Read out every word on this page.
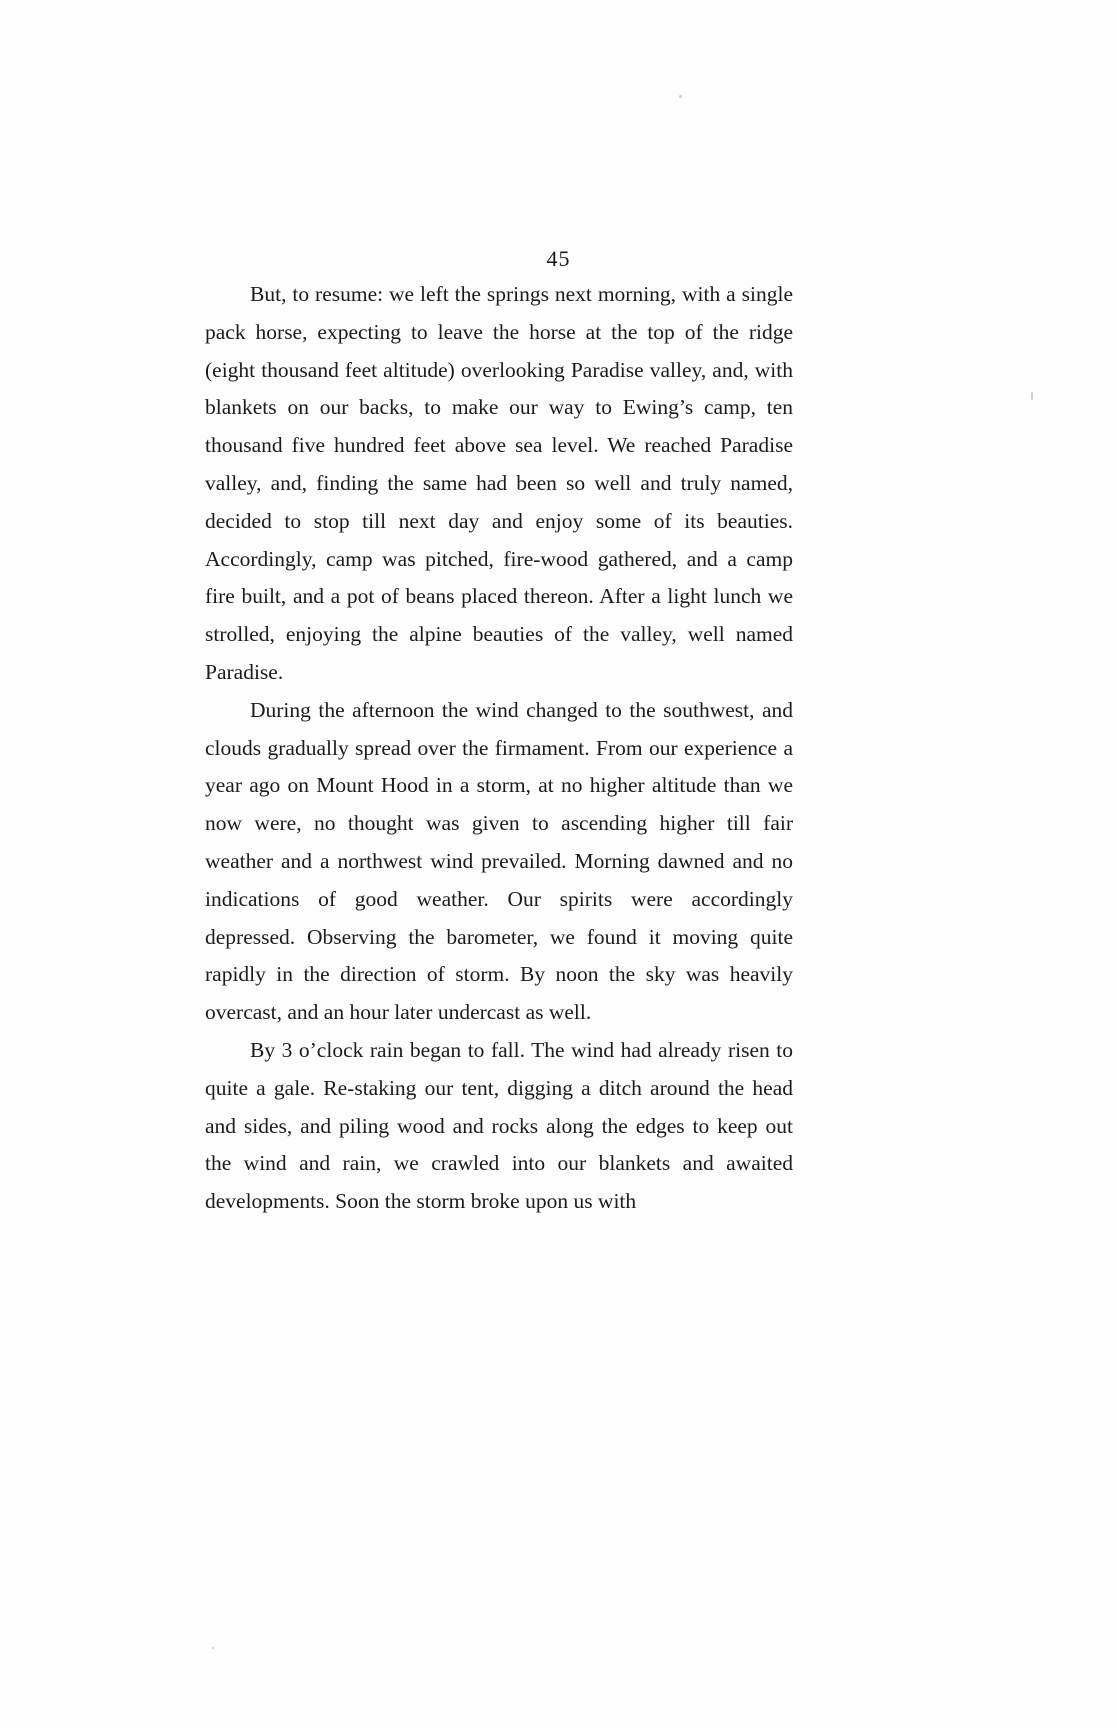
45

But, to resume: we left the springs next morning, with a single pack horse, expecting to leave the horse at the top of the ridge (eight thousand feet altitude) overlooking Paradise valley, and, with blankets on our backs, to make our way to Ewing’s camp, ten thousand five hundred feet above sea level. We reached Paradise valley, and, finding the same had been so well and truly named, decided to stop till next day and enjoy some of its beauties. Accordingly, camp was pitched, fire-wood gathered, and a camp fire built, and a pot of beans placed thereon. After a light lunch we strolled, enjoying the alpine beauties of the valley, well named Paradise.

During the afternoon the wind changed to the southwest, and clouds gradually spread over the firmament. From our experience a year ago on Mount Hood in a storm, at no higher altitude than we now were, no thought was given to ascending higher till fair weather and a northwest wind prevailed. Morning dawned and no indications of good weather. Our spirits were accordingly depressed. Observing the barometer, we found it moving quite rapidly in the direction of storm. By noon the sky was heavily overcast, and an hour later undercast as well.

By 3 o’clock rain began to fall. The wind had already risen to quite a gale. Re-staking our tent, digging a ditch around the head and sides, and piling wood and rocks along the edges to keep out the wind and rain, we crawled into our blankets and awaited developments. Soon the storm broke upon us with
